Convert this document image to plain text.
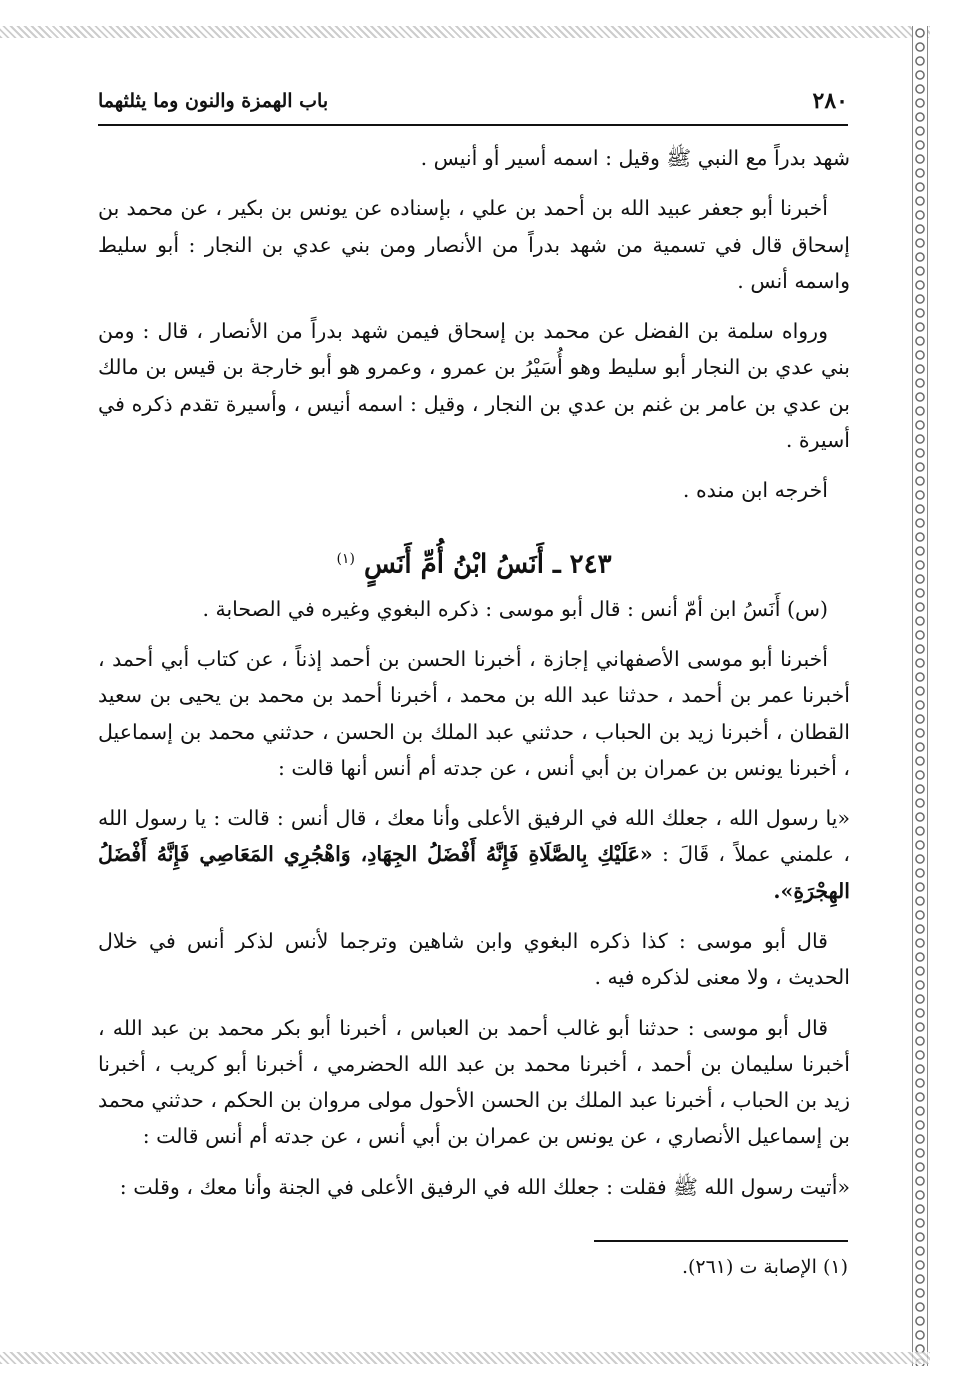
٢٨٠
باب الهمزة والنون وما يثلثهما

شهد بدراً مع النبي ﷺ وقيل : اسمه أسير أو أنيس .

أخبرنا أبو جعفر عبيد الله بن أحمد بن علي ، بإسناده عن يونس بن بكير ، عن محمد بن إسحاق قال في تسمية من شهد بدراً من الأنصار ومن بني عدي بن النجار : أبو سليط واسمه أنس .

ورواه سلمة بن الفضل عن محمد بن إسحاق فيمن شهد بدراً من الأنصار ، قال : ومن بني عدي بن النجار أبو سليط وهو أُسَيْرُ بن عمرو ، وعمرو هو أبو خارجة بن قيس بن مالك بن عدي بن عامر بن غنم بن عدي بن النجار ، وقيل : اسمه أنيس ، وأسيرة تقدم ذكره في أسيرة .

أخرجه ابن منده .

٢٤٣ ـ أَنَسُ ابْنُ أُمِّ أَنَسٍ $^{(١)}$

(س) أَنَسُ ابن أمّ أنس : قال أبو موسى : ذكره البغوي وغيره في الصحابة .

أخبرنا أبو موسى الأصفهاني إجازة ، أخبرنا الحسن بن أحمد إذناً ، عن كتاب أبي أحمد ، أخبرنا عمر بن أحمد ، حدثنا عبد الله بن محمد ، أخبرنا أحمد بن محمد بن يحيى بن سعيد القطان ، أخبرنا زيد بن الحباب ، حدثني عبد الملك بن الحسن ، حدثني محمد بن إسماعيل ، أخبرنا يونس بن عمران بن أبي أنس ، عن جدته أم أنس أنها قالت :

«يا رسول الله ، جعلك الله في الرفيق الأعلى وأنا معك ، قال أنس : قالت : يا رسول الله ، علمني عملاً ، قَالَ : «عَلَيْكِ بِالصَّلَاةِ فَإِنَّهُ أَفْضَلُ الجِهَادِ، وَاهْجُرِي المَعَاصِي فَإِنَّهُ أَفْضَلُ الهِجْرَةِ».

قال أبو موسى : كذا ذكره البغوي وابن شاهين وترجما لأنس لذكر أنس في خلال الحديث ، ولا معنى لذكره فيه .

قال أبو موسى : حدثنا أبو غالب أحمد بن العباس ، أخبرنا أبو بكر محمد بن عبد الله ، أخبرنا سليمان بن أحمد ، أخبرنا محمد بن عبد الله الحضرمي ، أخبرنا أبو كريب ، أخبرنا زيد بن الحباب ، أخبرنا عبد الملك بن الحسن الأحول مولى مروان بن الحكم ، حدثني محمد بن إسماعيل الأنصاري ، عن يونس بن عمران بن أبي أنس ، عن جدته أم أنس قالت :

«أتيت رسول الله ﷺ فقلت : جعلك الله في الرفيق الأعلى في الجنة وأنا معك ، وقلت :

(١) الإصابة ت (٢٦١).
